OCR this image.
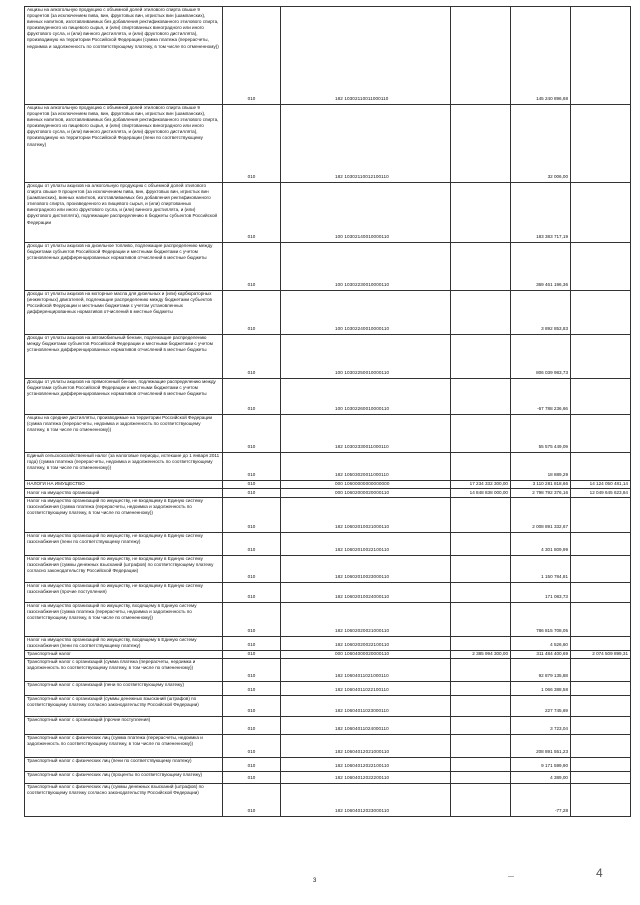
Акцизы на алкогольную продукцию с объемной долей этилового спирта свыше 9 процентов (за исключением пива, вин, фруктовых вин, игристых вин (шампанских), винных напитков, изготавливаемых без добавления ректификованного этилового спирта, произведенного из пищевого сырья, и (или) спиртованных виноградного или иного фруктового сусла, и (или) винного дистиллята, и (или) фруктового дистиллята), производимую на территории Российской Федерации (сумма платежа (перерасчеты, недоимка и задолженность по соответствующему платежу, в том числе по отмененному))	010	182 10302110011000110		145 240 896,68	
Акцизы на алкогольную продукцию с объемной долей этилового спирта свыше 9 процентов (за исключением пива, вин, фруктовых вин, игристых вин (шампанских), винных напитков, изготавливаемых без добавления ректификованного этилового спирта, произведенного из пищевого сырья, и (или) спиртованных виноградного или иного фруктового сусла, и (или) винного дистиллята, и (или) фруктового дистиллята), производимую на территории Российской Федерации (пени по соответствующему платежу)	010	182 10302110012100110		32 006,00	
Доходы от уплаты акцизов на алкогольную продукцию с объемной долей этилового спирта свыше 9 процентов (за исключением пива, вин, фруктовых вин, игристых вин (шампанских), винных напитков, изготавливаемых без добавления ректификованного этилового спирта, произведенного из пищевого сырья, и (или) спиртованных виноградного или иного фруктового сусла, и (или) винного дистиллята, и (или) фруктового дистиллята), подлежащие распределению в бюджеты субъектов Российской Федерации	010	100 10302140010000110		183 383 717,19	
Доходы от уплаты акцизов на дизельное топливо, подлежащие распределению между бюджетами субъектов Российской Федерации и местными бюджетами с учетом установленных дифференцированных нормативов отчислений в местные бюджеты	010	100 10302230010000110		369 461 196,36	
Доходы от уплаты акцизов на моторные масла для дизельных и (или) карбюраторных (инжекторных) двигателей, подлежащие распределению между бюджетами субъектов Российской Федерации и местными бюджетами с учетом установленных дифференцированных нормативов отчислений в местные бюджеты	010	100 10302240010000110		3 892 853,83	
Доходы от уплаты акцизов на автомобильный бензин, подлежащие распределению между бюджетами субъектов Российской Федерации и местными бюджетами с учетом установленных дифференцированных нормативов отчислений в местные бюджеты	010	100 10302250010000110		806 039 983,73	
Доходы от уплаты акцизов на прямогонный бензин, подлежащие распределению между бюджетами субъектов Российской Федерации и местными бюджетами с учетом установленных дифференцированных нормативов отчислений в местные бюджеты	010	100 10302260010000110		-67 788 236,66	
Акцизы на средние дистилляты, производимые на территории Российской Федерации (сумма платежа (перерасчеты, недоимка и задолженность по соответствующему платежу, в том числе по отмененному))	010	182 10302330011000110		55 575 449,09	
Единый сельскохозяйственный налог (за налоговые периоды, истекшие до 1 января 2011 года) (сумма платежа (перерасчеты, недоимка и задолженность по соответствующему платежу, в том числе по отмененному))	010	182 10503020011000110		18 889,29	
НАЛОГИ НА ИМУЩЕСТВО	010	000 10600000000000000	17 234 332 300,00	3 110 281 818,66	14 124 050 481,14
Налог на имущество организаций	010	000 10602000020000110	14 848 838 000,00	2 798 792 376,16	12 049 645 623,84
Налог на имущество организаций по имуществу, не входящему в Единую систему газоснабжения (сумма платежа (перерасчеты, недоимка и задолженность по соответствующему платежу, в том числе по отмененному))	010	182 10602010021000110		2 008 891 332,67	
Налог на имущество организаций по имуществу, не входящему в Единую систему газоснабжения (пени по соответствующему платежу)	010	182 10602010022100110		4 301 809,99	
Налог на имущество организаций по имуществу, не входящему в Единую систему газоснабжения (суммы денежных взысканий (штрафов) по соответствующему платежу согласно законодательству Российской Федерации)	010	182 10602010023000110		1 150 784,81	
Налог на имущество организаций по имуществу, не входящему в Единую систему газоснабжения (прочие поступления)	010	182 10602010024000110		171 083,73	
Налог на имущество организаций по имуществу, входящему в Единую систему газоснабжения (сумма платежа (перерасчеты, недоимка и задолженность по соответствующему платежу, в том числе по отмененному))	010	182 10602020021000110		786 815 708,05	
Налог на имущество организаций по имуществу, входящему в Единую систему газоснабжения (пени по соответствующему платежу)	010	182 10602020022100110		4 526,60	
Транспортный налог	010	000 10604000020000110	2 385 994 300,00	311 484 400,69	2 074 509 899,31
Транспортный налог с организаций (сумма платежа (перерасчеты, недоимка и задолженность по соответствующему платежу, в том числе по отмененному))	010	182 10604011021000110		92 879 135,88	
Транспортный налог с организаций (пени по соответствующему платежу)	010	182 10604011022100110		1 066 388,58	
Транспортный налог с организаций (суммы денежных взысканий (штрафов) по соответствующему платежу согласно законодательству Российской Федерации)	010	182 10604011023000110		227 745,69	
Транспортный налог с организаций (прочие поступления)	010	182 10604011024000110		3 723,04	
Транспортный налог с физических лиц (сумма платежа (перерасчеты, недоимка и задолженность по соответствующему платежу, в том числе по отмененному))	010	182 10604012021000110		208 891 551,23	
Транспортный налог с физических лиц (пени по соответствующему платежу)	010	182 10604012022100110		9 171 599,90	
Транспортный налог с физических лиц (проценты по соответствующему платежу)	010	182 10604012022200110		4 389,00	
Транспортный налог с физических лиц (суммы денежных взысканий (штрафов) по соответствующему платежу согласно законодательству Российской Федерации)	010	182 10604012023000110		-77,28	
3
—	4
